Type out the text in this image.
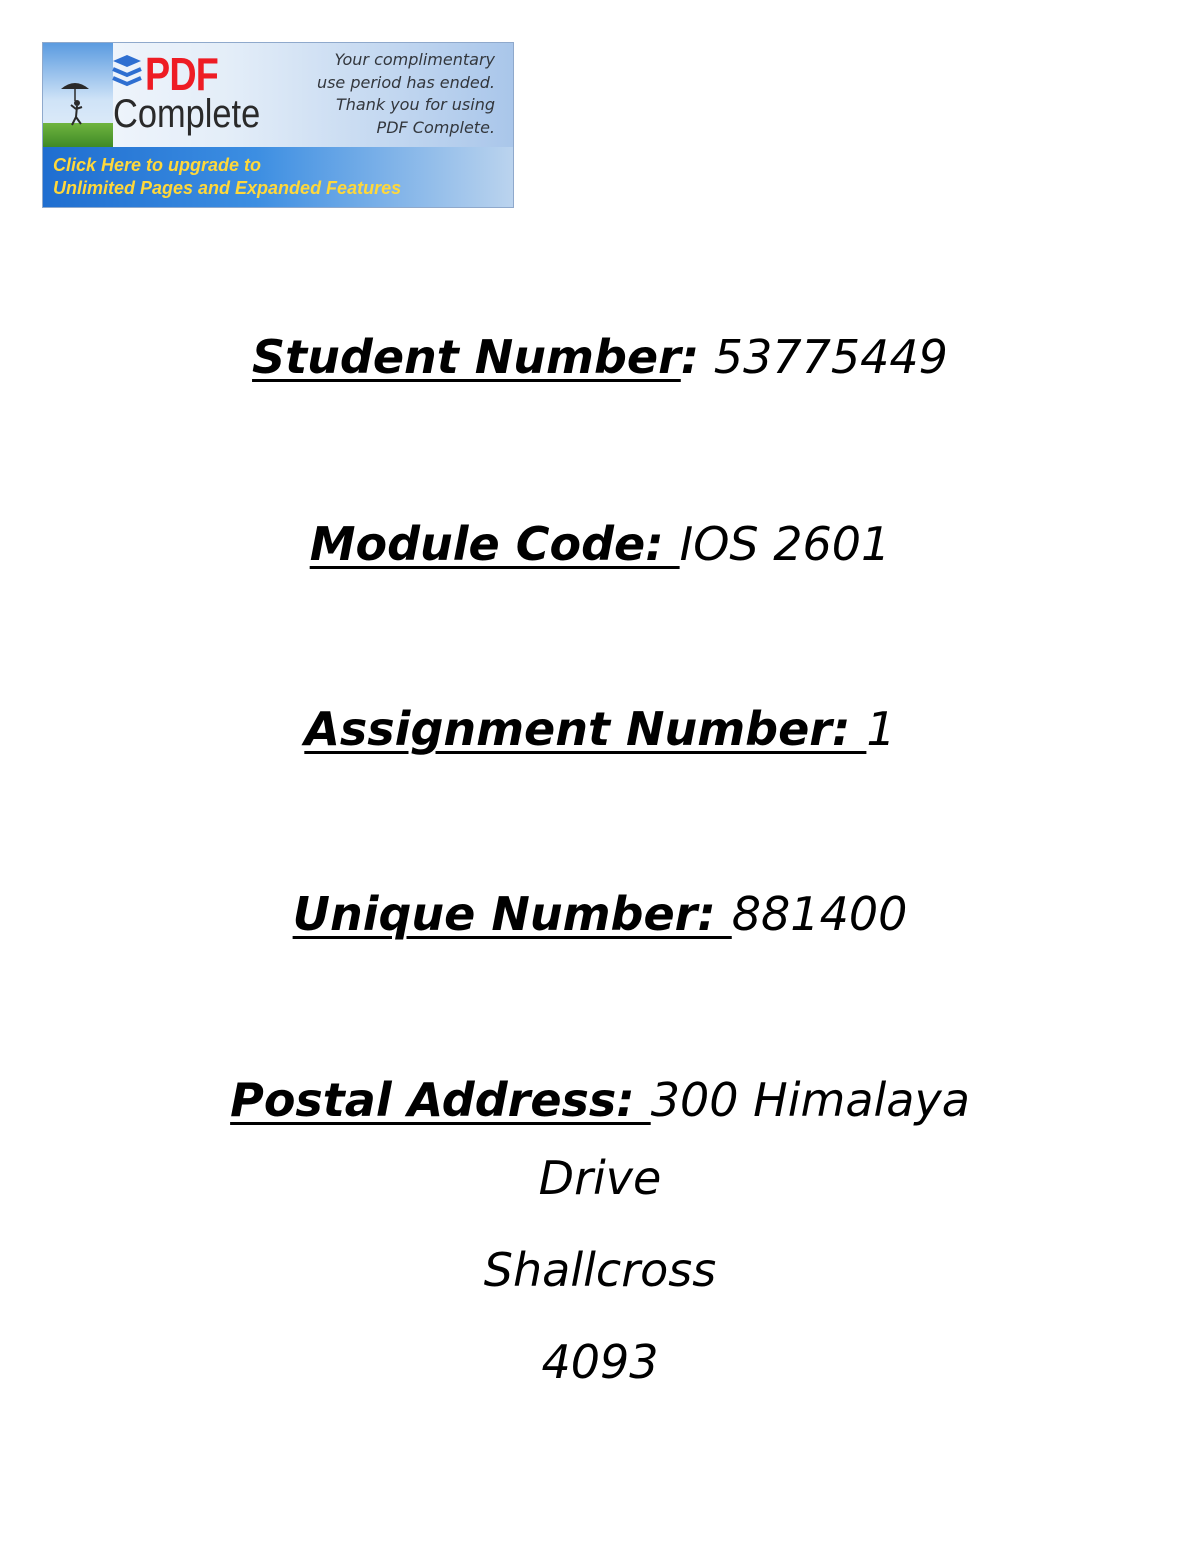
PDF
Complete
Your complimentary
use period has ended.
Thank you for using
PDF Complete.
Click Here to upgrade to
Unlimited Pages and Expanded Features
Student Number: 53775449
Module Code: IOS 2601
Assignment Number: 1
Unique Number: 881400
Postal Address: 300 Himalaya
Drive
Shallcross
4093
